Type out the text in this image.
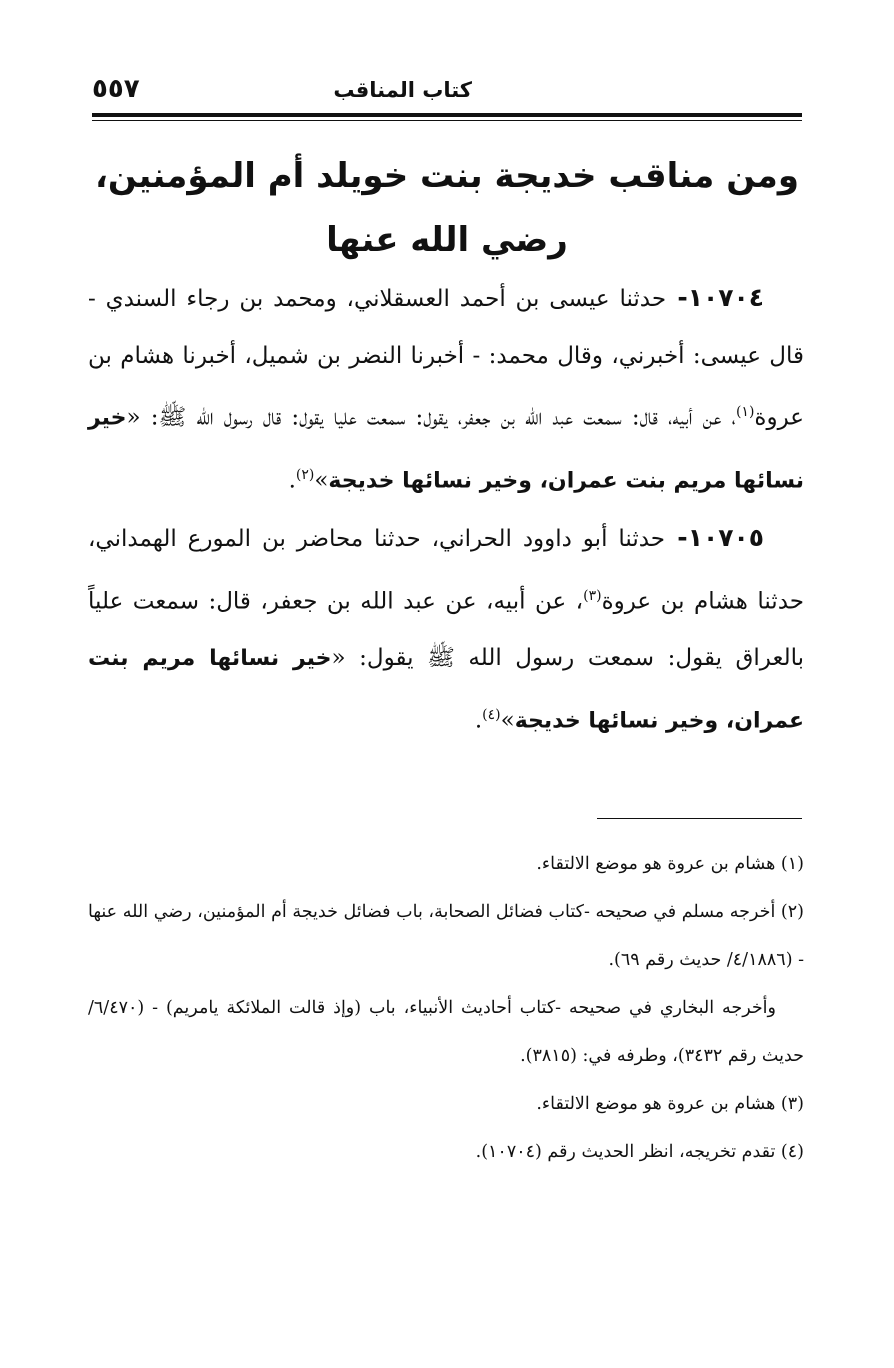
٥٥٧	كتاب المناقب
ومن مناقب خديجة بنت خويلد أم المؤمنين،
رضي الله عنها

١٠٧٠٤- حدثنا عيسى بن أحمد العسقلاني، ومحمد بن رجاء السندي - قال عيسى: أخبرني، وقال محمد: - أخبرنا النضر بن شميل، أخبرنا هشام بن عروة$^{(١)}$، عن أبيه، قال: سمعت عبد الله بن جعفر، يقول: سمعت عليا يقول: قال رسول الله ﷺ: «خير نسائها مريم بنت عمران، وخير نسائها خديجة»$^{(٢)}$.

١٠٧٠٥- حدثنا أبو داوود الحراني، حدثنا محاضر بن المورع الهمداني، حدثنا هشام بن عروة$^{(٣)}$، عن أبيه، عن عبد الله بن جعفر، قال: سمعت علياً بالعراق يقول: سمعت رسول الله ﷺ يقول: «خير نسائها مريم بنت عمران، وخير نسائها خديجة»$^{(٤)}$.

(١) هشام بن عروة هو موضع الالتقاء.

(٢) أخرجه مسلم في صحيحه -كتاب فضائل الصحابة، باب فضائل خديجة أم المؤمنين، رضي الله عنها - (٤/١٨٨٦/ حديث رقم ٦٩).

وأخرجه البخاري في صحيحه -كتاب أحاديث الأنبياء، باب (وإذ قالت الملائكة يامريم) - (٦/٤٧٠/ حديث رقم ٣٤٣٢)، وطرفه في: (٣٨١٥).

(٣) هشام بن عروة هو موضع الالتقاء.

(٤) تقدم تخريجه، انظر الحديث رقم (١٠٧٠٤).
